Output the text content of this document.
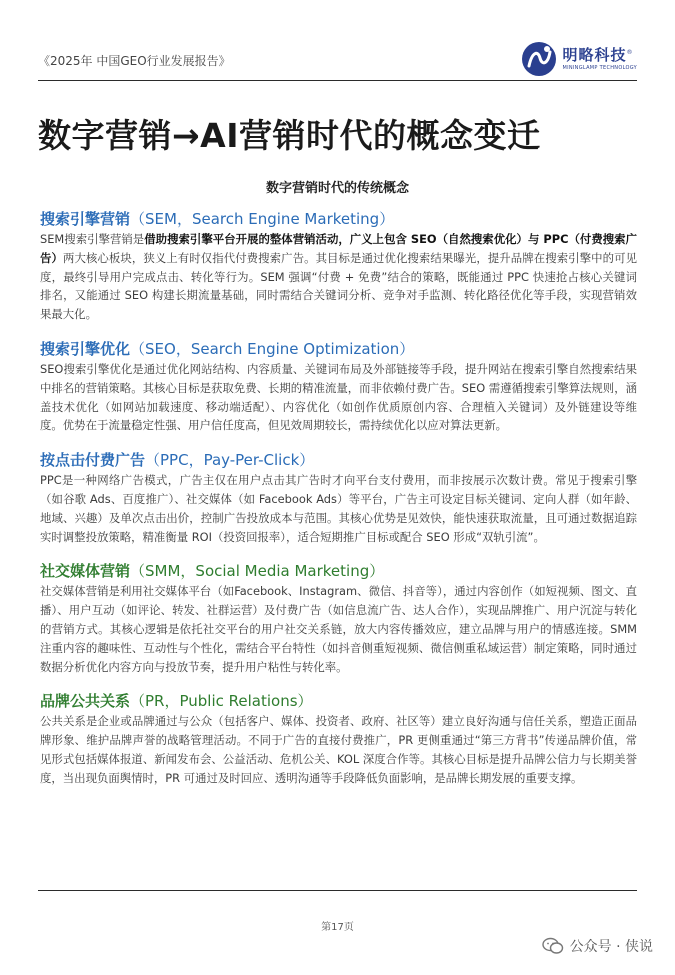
《2025年 中国GEO行业发展报告》	明略科技®
MININGLAMP TECHNOLOGY
数字营销→AI营销时代的概念变迁
数字营销时代的传统概念
搜索引擎营销（SEM，Search Engine Marketing）
SEM搜索引擎营销是借助搜索引擎平台开展的整体营销活动，广义上包含 SEO（自然搜索优化）与 PPC（付费搜索广告）两大核心板块，狭义上有时仅指代付费搜索广告。其目标是通过优化搜索结果曝光，提升品牌在搜索引擎中的可见度，最终引导用户完成点击、转化等行为。SEM 强调“付费 + 免费”结合的策略，既能通过 PPC 快速抢占核心关键词排名，又能通过 SEO 构建长期流量基础，同时需结合关键词分析、竞争对手监测、转化路径优化等手段，实现营销效果最大化。
搜索引擎优化（SEO，Search Engine Optimization）
SEO搜索引擎优化是通过优化网站结构、内容质量、关键词布局及外部链接等手段，提升网站在搜索引擎自然搜索结果中排名的营销策略。其核心目标是获取免费、长期的精准流量，而非依赖付费广告。SEO 需遵循搜索引擎算法规则，涵盖技术优化（如网站加载速度、移动端适配）、内容优化（如创作优质原创内容、合理植入关键词）及外链建设等维度。优势在于流量稳定性强、用户信任度高，但见效周期较长，需持续优化以应对算法更新。
按点击付费广告（PPC，Pay-Per-Click）
PPC是一种网络广告模式，广告主仅在用户点击其广告时才向平台支付费用，而非按展示次数计费。常见于搜索引擎（如谷歌 Ads、百度推广）、社交媒体（如 Facebook Ads）等平台，广告主可设定目标关键词、定向人群（如年龄、地域、兴趣）及单次点击出价，控制广告投放成本与范围。其核心优势是见效快，能快速获取流量，且可通过数据追踪实时调整投放策略，精准衡量 ROI（投资回报率），适合短期推广目标或配合 SEO 形成“双轨引流”。
社交媒体营销（SMM，Social Media Marketing）
社交媒体营销是利用社交媒体平台（如Facebook、Instagram、微信、抖音等），通过内容创作（如短视频、图文、直播）、用户互动（如评论、转发、社群运营）及付费广告（如信息流广告、达人合作），实现品牌推广、用户沉淀与转化的营销方式。其核心逻辑是依托社交平台的用户社交关系链，放大内容传播效应，建立品牌与用户的情感连接。SMM 注重内容的趣味性、互动性与个性化，需结合平台特性（如抖音侧重短视频、微信侧重私域运营）制定策略，同时通过数据分析优化内容方向与投放节奏，提升用户粘性与转化率。
品牌公共关系（PR，Public Relations）
公共关系是企业或品牌通过与公众（包括客户、媒体、投资者、政府、社区等）建立良好沟通与信任关系，塑造正面品牌形象、维护品牌声誉的战略管理活动。不同于广告的直接付费推广，PR 更侧重通过“第三方背书”传递品牌价值，常见形式包括媒体报道、新闻发布会、公益活动、危机公关、KOL 深度合作等。其核心目标是提升品牌公信力与长期美誉度，当出现负面舆情时，PR 可通过及时回应、透明沟通等手段降低负面影响，是品牌长期发展的重要支撑。
第17页
公众号 · 侠说
